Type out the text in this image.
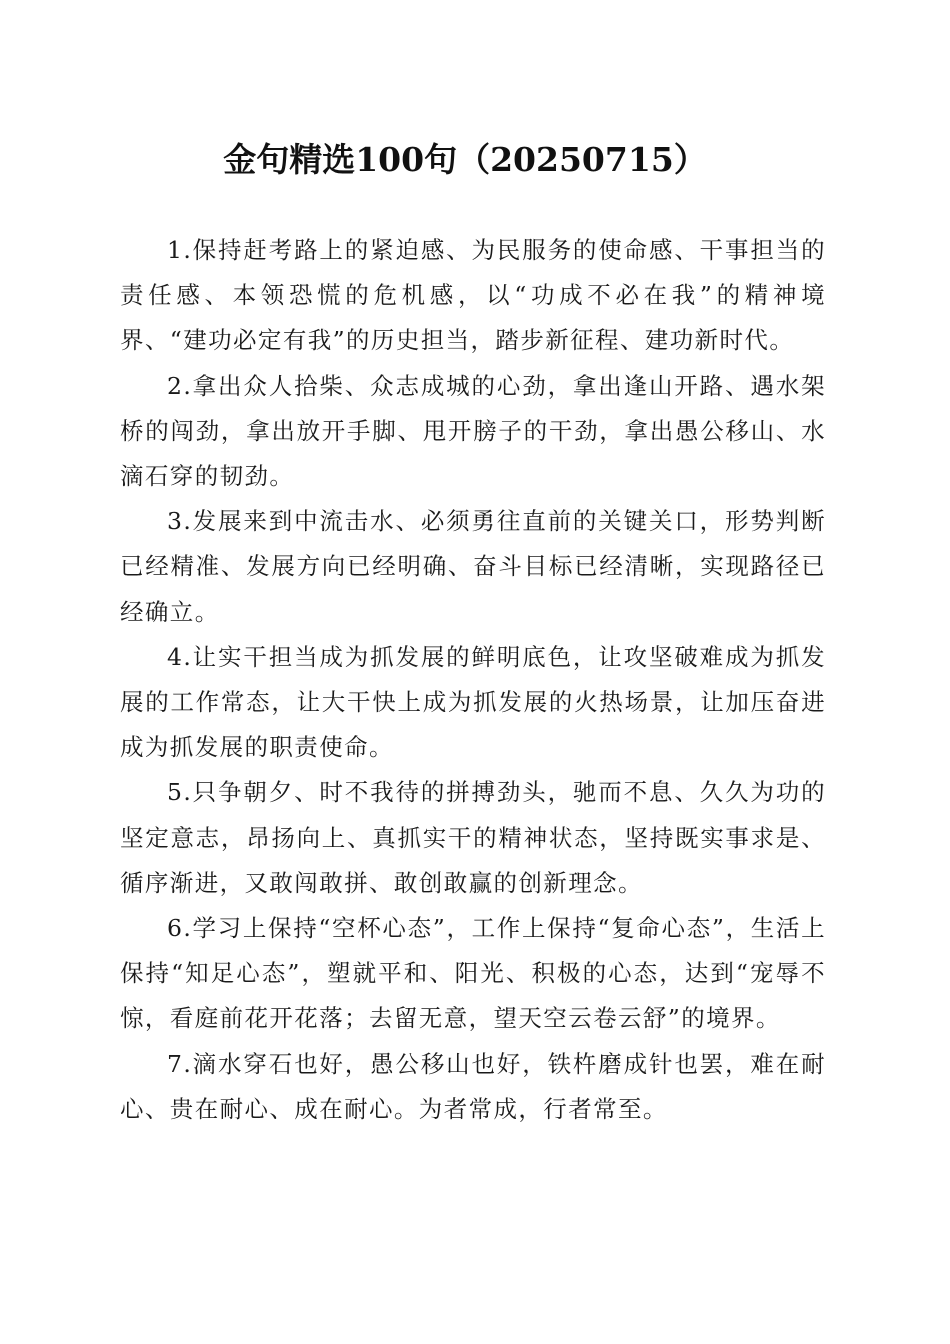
金句精选100句（20250715）

1.保持赶考路上的紧迫感、为民服务的使命感、干事担当的责任感、本领恐慌的危机感，以“功成不必在我”的精神境界、“建功必定有我”的历史担当，踏步新征程、建功新时代。

2.拿出众人拾柴、众志成城的心劲，拿出逢山开路、遇水架桥的闯劲，拿出放开手脚、甩开膀子的干劲，拿出愚公移山、水滴石穿的韧劲。

3.发展来到中流击水、必须勇往直前的关键关口，形势判断已经精准、发展方向已经明确、奋斗目标已经清晰，实现路径已经确立。

4.让实干担当成为抓发展的鲜明底色，让攻坚破难成为抓发展的工作常态，让大干快上成为抓发展的火热场景，让加压奋进成为抓发展的职责使命。

5.只争朝夕、时不我待的拼搏劲头，驰而不息、久久为功的坚定意志，昂扬向上、真抓实干的精神状态，坚持既实事求是、循序渐进，又敢闯敢拼、敢创敢赢的创新理念。

6.学习上保持“空杯心态”，工作上保持“复命心态”，生活上保持“知足心态”，塑就平和、阳光、积极的心态，达到“宠辱不惊，看庭前花开花落；去留无意，望天空云卷云舒”的境界。

7.滴水穿石也好，愚公移山也好，铁杵磨成针也罢，难在耐心、贵在耐心、成在耐心。为者常成，行者常至。
